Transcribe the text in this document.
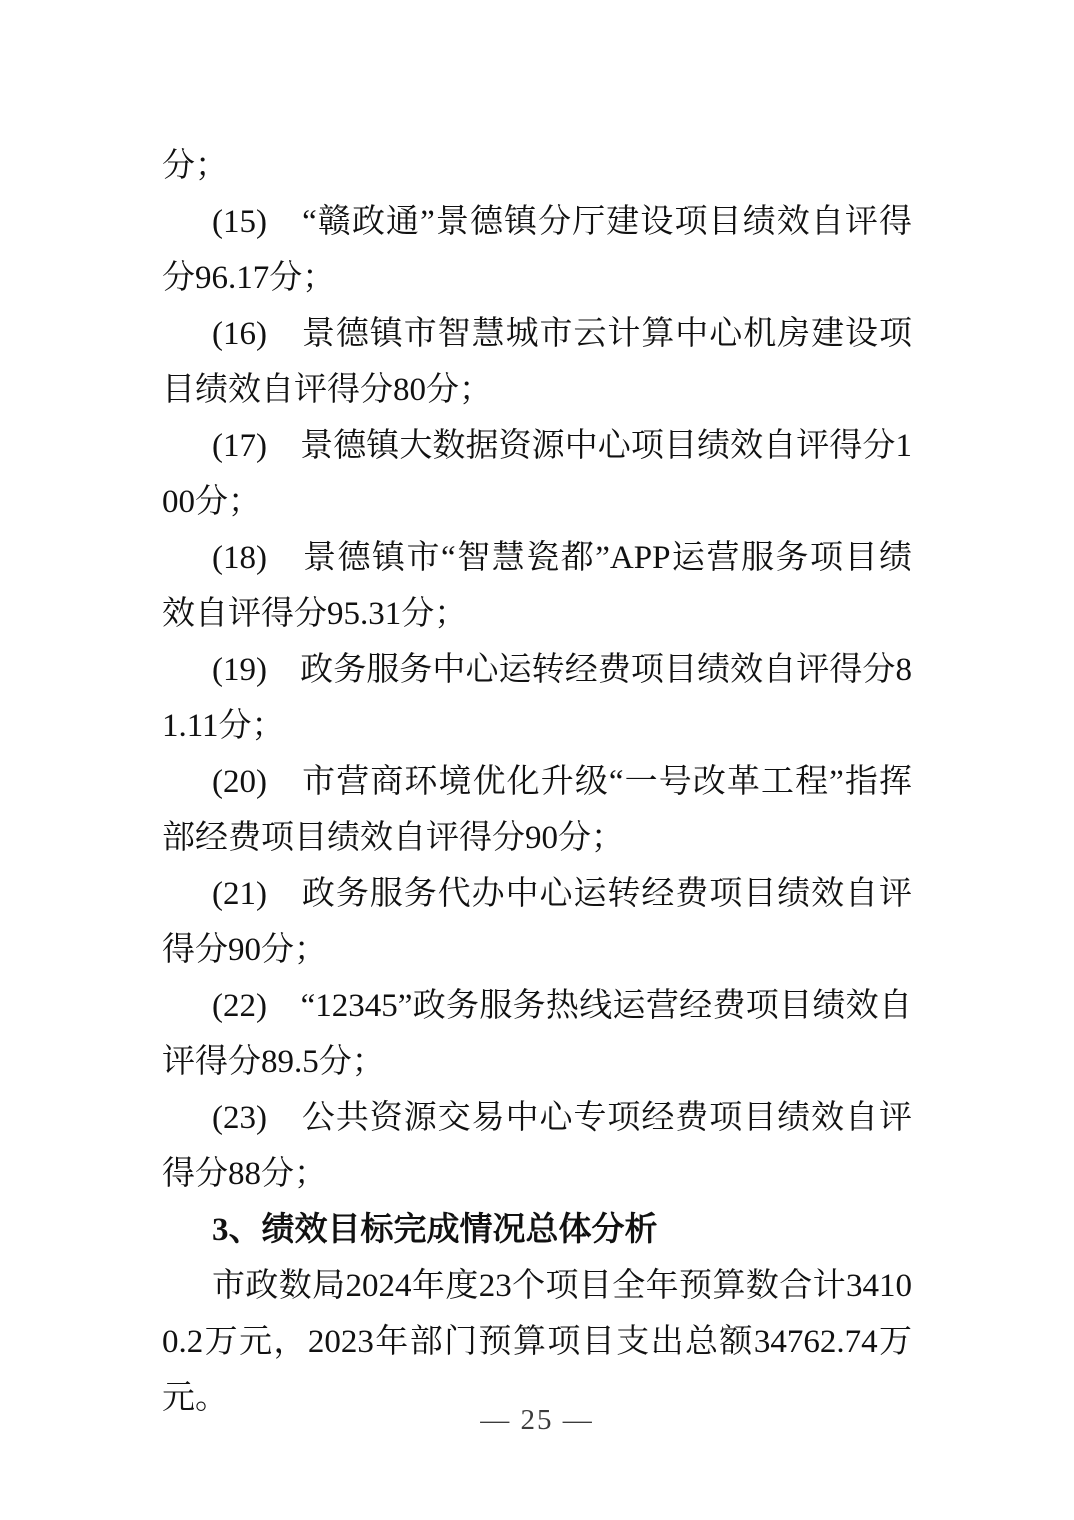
分；

(15)　“赣政通”景德镇分厅建设项目绩效自评得分96.17分；

(16)　景德镇市智慧城市云计算中心机房建设项目绩效自评得分80分；

(17)　景德镇大数据资源中心项目绩效自评得分100分；

(18)　景德镇市“智慧瓷都”APP运营服务项目绩效自评得分95.31分；

(19)　政务服务中心运转经费项目绩效自评得分81.11分；

(20)　市营商环境优化升级“一号改革工程”指挥部经费项目绩效自评得分90分；

(21)　政务服务代办中心运转经费项目绩效自评得分90分；

(22)　“12345”政务服务热线运营经费项目绩效自评得分89.5分；

(23)　公共资源交易中心专项经费项目绩效自评得分88分；

3、绩效目标完成情况总体分析

市政数局2024年度23个项目全年预算数合计34100.2万元，2023年部门预算项目支出总额34762.74万元。

— 25 —
